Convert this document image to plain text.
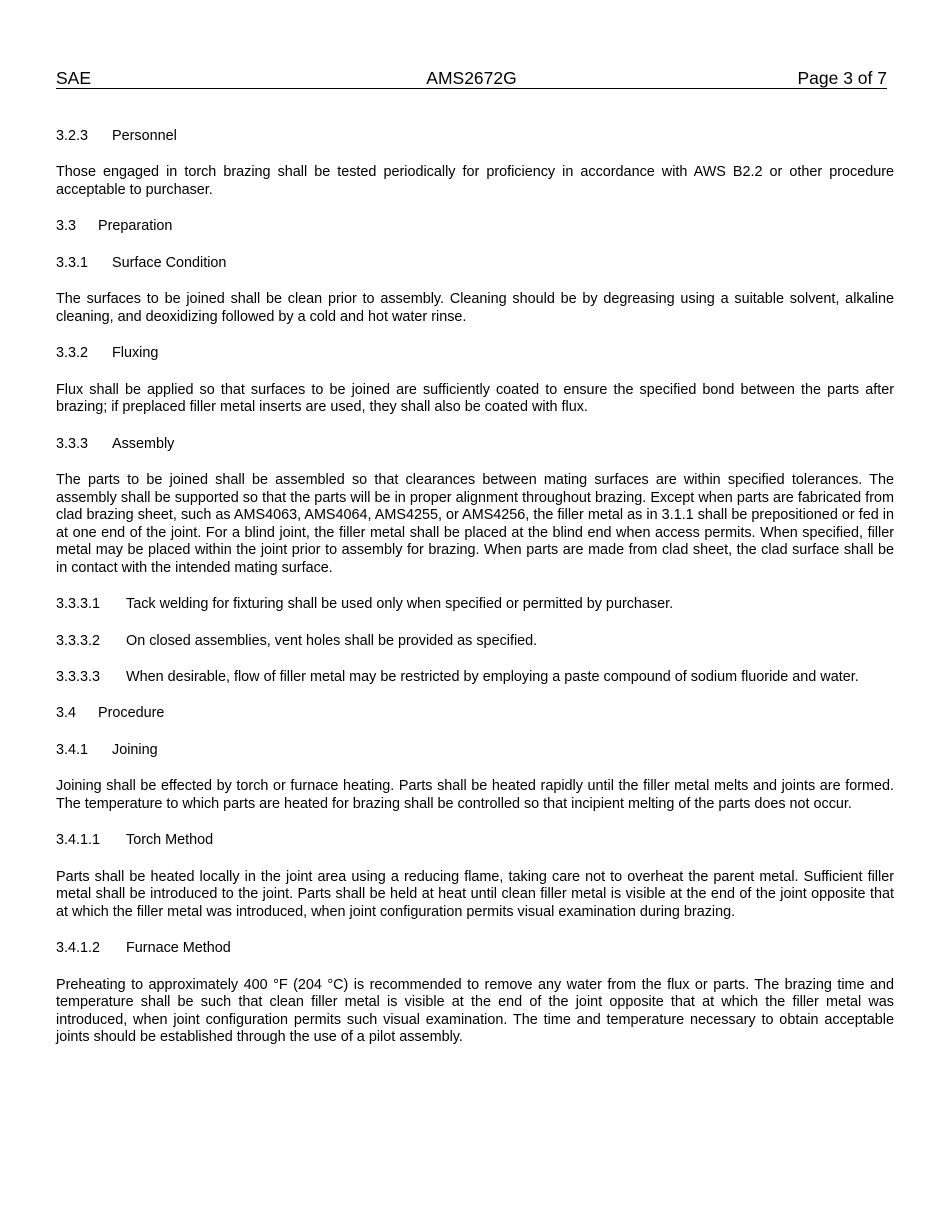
SAE	AMS2672G	Page 3 of 7
3.2.3 Personnel

Those engaged in torch brazing shall be tested periodically for proficiency in accordance with AWS B2.2 or other procedure acceptable to purchaser.

3.3 Preparation
3.3.1 Surface Condition

The surfaces to be joined shall be clean prior to assembly. Cleaning should be by degreasing using a suitable solvent, alkaline cleaning, and deoxidizing followed by a cold and hot water rinse.

3.3.2 Fluxing

Flux shall be applied so that surfaces to be joined are sufficiently coated to ensure the specified bond between the parts after brazing; if preplaced filler metal inserts are used, they shall also be coated with flux.

3.3.3 Assembly

The parts to be joined shall be assembled so that clearances between mating surfaces are within specified tolerances. The assembly shall be supported so that the parts will be in proper alignment throughout brazing. Except when parts are fabricated from clad brazing sheet, such as AMS4063, AMS4064, AMS4255, or AMS4256, the filler metal as in 3.1.1 shall be prepositioned or fed in at one end of the joint. For a blind joint, the filler metal shall be placed at the blind end when access permits. When specified, filler metal may be placed within the joint prior to assembly for brazing. When parts are made from clad sheet, the clad surface shall be in contact with the intended mating surface.

3.3.3.1	Tack welding for fixturing shall be used only when specified or permitted by purchaser.
3.3.3.2	On closed assemblies, vent holes shall be provided as specified.
3.3.3.3	When desirable, flow of filler metal may be restricted by employing a paste compound of sodium fluoride and water.
3.4 Procedure
3.4.1 Joining

Joining shall be effected by torch or furnace heating. Parts shall be heated rapidly until the filler metal melts and joints are formed. The temperature to which parts are heated for brazing shall be controlled so that incipient melting of the parts does not occur.

3.4.1.1 Torch Method

Parts shall be heated locally in the joint area using a reducing flame, taking care not to overheat the parent metal. Sufficient filler metal shall be introduced to the joint. Parts shall be held at heat until clean filler metal is visible at the end of the joint opposite that at which the filler metal was introduced, when joint configuration permits visual examination during brazing.

3.4.1.2 Furnace Method

Preheating to approximately 400 °F (204 °C) is recommended to remove any water from the flux or parts. The brazing time and temperature shall be such that clean filler metal is visible at the end of the joint opposite that at which the filler metal was introduced, when joint configuration permits such visual examination. The time and temperature necessary to obtain acceptable joints should be established through the use of a pilot assembly.
